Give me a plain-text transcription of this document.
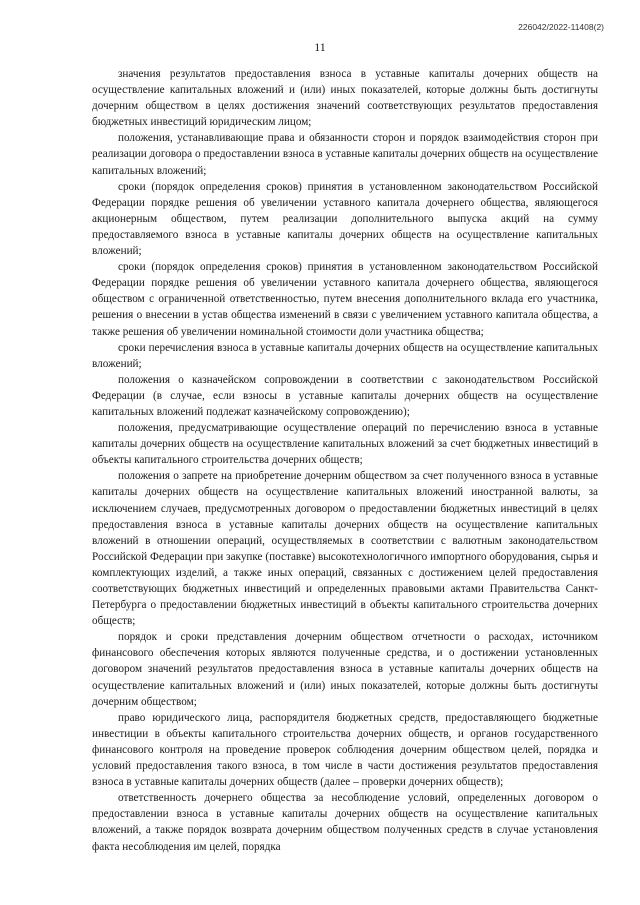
226042/2022-11408(2)
11

значения результатов предоставления взноса в уставные капиталы дочерних обществ на осуществление капитальных вложений и (или) иных показателей, которые должны быть достигнуты дочерним обществом в целях достижения значений соответствующих результатов предоставления бюджетных инвестиций юридическим лицом;

положения, устанавливающие права и обязанности сторон и порядок взаимодействия сторон при реализации договора о предоставлении взноса в уставные капиталы дочерних обществ на осуществление капитальных вложений;

сроки (порядок определения сроков) принятия в установленном законодательством Российской Федерации порядке решения об увеличении уставного капитала дочернего общества, являющегося акционерным обществом, путем реализации дополнительного выпуска акций на сумму предоставляемого взноса в уставные капиталы дочерних обществ на осуществление капитальных вложений;

сроки (порядок определения сроков) принятия в установленном законодательством Российской Федерации порядке решения об увеличении уставного капитала дочернего общества, являющегося обществом с ограниченной ответственностью, путем внесения дополнительного вклада его участника, решения о внесении в устав общества изменений в связи с увеличением уставного капитала общества, а также решения об увеличении номинальной стоимости доли участника общества;

сроки перечисления взноса в уставные капиталы дочерних обществ на осуществление капитальных вложений;

положения о казначейском сопровождении в соответствии с законодательством Российской Федерации (в случае, если взносы в уставные капиталы дочерних обществ на осуществление капитальных вложений подлежат казначейскому сопровождению);

положения, предусматривающие осуществление операций по перечислению взноса в уставные капиталы дочерних обществ на осуществление капитальных вложений за счет бюджетных инвестиций в объекты капитального строительства дочерних обществ;

положения о запрете на приобретение дочерним обществом за счет полученного взноса в уставные капиталы дочерних обществ на осуществление капитальных вложений иностранной валюты, за исключением случаев, предусмотренных договором о предоставлении бюджетных инвестиций в целях предоставления взноса в уставные капиталы дочерних обществ на осуществление капитальных вложений в отношении операций, осуществляемых в соответствии с валютным законодательством Российской Федерации при закупке (поставке) высокотехнологичного импортного оборудования, сырья и комплектующих изделий, а также иных операций, связанных с достижением целей предоставления соответствующих бюджетных инвестиций и определенных правовыми актами Правительства Санкт-Петербурга о предоставлении бюджетных инвестиций в объекты капитального строительства дочерних обществ;

порядок и сроки представления дочерним обществом отчетности о расходах, источником финансового обеспечения которых являются полученные средства, и о достижении установленных договором значений результатов предоставления взноса в уставные капиталы дочерних обществ на осуществление капитальных вложений и (или) иных показателей, которые должны быть достигнуты дочерним обществом;

право юридического лица, распорядителя бюджетных средств, предоставляющего бюджетные инвестиции в объекты капитального строительства дочерних обществ, и органов государственного финансового контроля на проведение проверок соблюдения дочерним обществом целей, порядка и условий предоставления такого взноса, в том числе в части достижения результатов предоставления взноса в уставные капиталы дочерних обществ (далее – проверки дочерних обществ);

ответственность дочернего общества за несоблюдение условий, определенных договором о предоставлении взноса в уставные капиталы дочерних обществ на осуществление капитальных вложений, а также порядок возврата дочерним обществом полученных средств в случае установления факта несоблюдения им целей, порядка
